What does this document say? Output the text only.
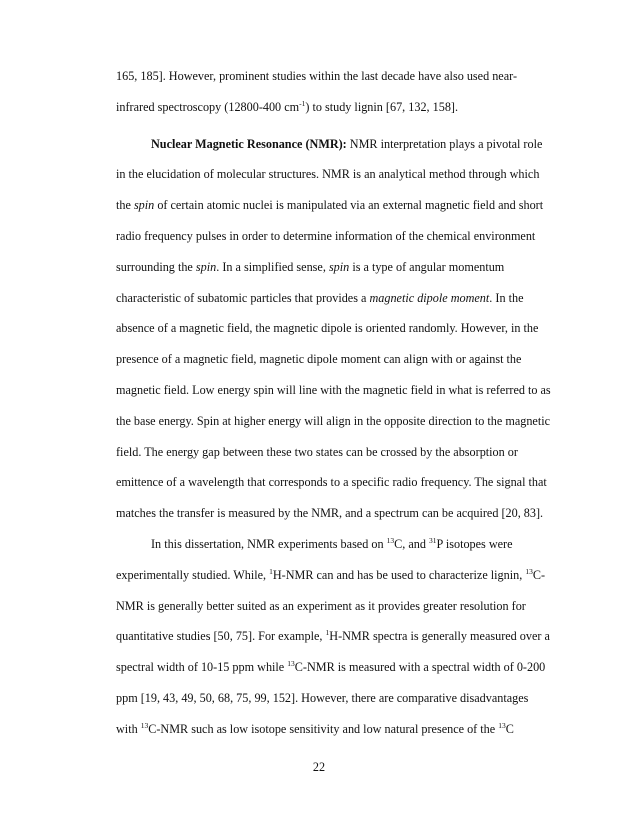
165, 185]. However, prominent studies within the last decade have also used near-
infrared spectroscopy (12800-400 $cm^{-1}$) to study lignin [67, 132, 158].
Nuclear Magnetic Resonance (NMR): NMR interpretation plays a pivotal role
in the elucidation of molecular structures. NMR is an analytical method through which
the spin of certain atomic nuclei is manipulated via an external magnetic field and short
radio frequency pulses in order to determine information of the chemical environment
surrounding the spin. In a simplified sense, spin is a type of angular momentum
characteristic of subatomic particles that provides a magnetic dipole moment. In the
absence of a magnetic field, the magnetic dipole is oriented randomly. However, in the
presence of a magnetic field, magnetic dipole moment can align with or against the
magnetic field. Low energy spin will line with the magnetic field in what is referred to as
the base energy. Spin at higher energy will align in the opposite direction to the magnetic
field. The energy gap between these two states can be crossed by the absorption or
emittence of a wavelength that corresponds to a specific radio frequency. The signal that
matches the transfer is measured by the NMR, and a spectrum can be acquired [20, 83].
In this dissertation, NMR experiments based on $^{13}$C, and $^{31}$P isotopes were
experimentally studied. While, $^1$H-NMR can and has be used to characterize lignin, $^{13}$C-
NMR is generally better suited as an experiment as it provides greater resolution for
quantitative studies [50, 75]. For example, $^1$H-NMR spectra is generally measured over a
spectral width of 10-15 ppm while $^{13}$C-NMR is measured with a spectral width of 0-200
ppm [19, 43, 49, 50, 68, 75, 99, 152]. However, there are comparative disadvantages
with $^{13}$C-NMR such as low isotope sensitivity and low natural presence of the $^{13}$C
22
